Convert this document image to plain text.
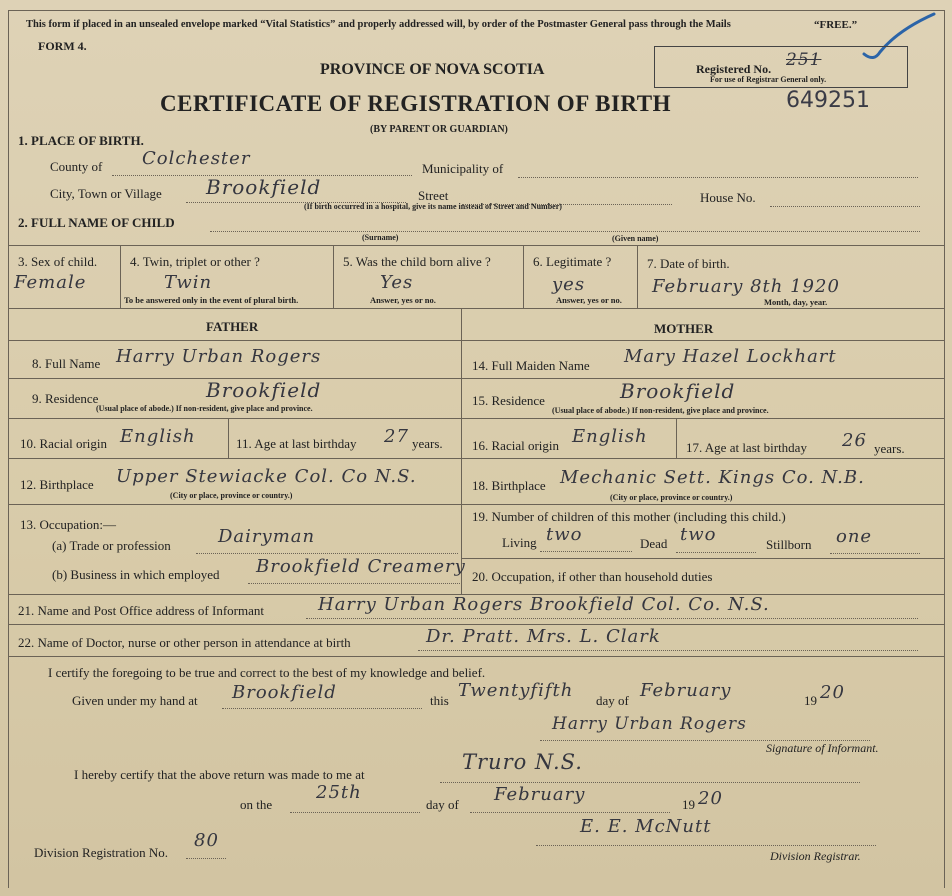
This form if placed in an unsealed envelope marked “Vital Statistics” and properly addressed will, by order of the Postmaster General pass through the Mails	“FREE.”
FORM 4.
PROVINCE OF NOVA SCOTIA	Registered No. 251
For use of Registrar General only.
CERTIFICATE OF REGISTRATION OF BIRTH	649251
(BY PARENT OR GUARDIAN)
1. PLACE OF BIRTH.
County of Colchester	Municipality of
City, Town or Village Brookfield	Street
(If birth occurred in a hospital, give its name instead of Street and Number)
House No.
2. FULL NAME OF CHILD
(Surname)	(Given name)
3. Sex of child.
Female
4. Twin, triplet or other ?
Twin
To be answered only in the event of plural birth.
5. Was the child born alive ?
Yes
Answer, yes or no.
6. Legitimate ?
yes
Answer, yes or no.
7. Date of birth.
February 8th 1920
Month, day, year.
FATHER
8. Full Name Harry Urban Rogers
9. Residence	Brookfield
(Usual place of abode.) If non-resident, give place and province.
10. Racial origin English	11. Age at last birthday 27 years.
12. Birthplace Upper Stewiacke Col. Co N.S.
(City or place, province or country.)
13. Occupation:—
(a) Trade or profession	Dairyman
(b) Business in which employed Brookfield Creamery
MOTHER
14. Full Maiden Name Mary Hazel Lockhart
15. Residence	Brookfield
(Usual place of abode.) If non-resident, give place and province.
16. Racial origin English
17. Age at last birthday 26 years.
18. Birthplace Mechanic Sett. Kings Co. N.B.
(City or place, province or country.)
19. Number of children of this mother (including this child.)
Living two	Dead two	Stillborn one
20. Occupation, if other than household duties
21. Name and Post Office address of Informant	Harry Urban Rogers Brookfield Col. Co. N.S.
22. Name of Doctor, nurse or other person in attendance at birth	Dr. Pratt. Mrs. L. Clark
I certify the foregoing to be true and correct to the best of my knowledge and belief.
Given under my hand at Brookfield	this Twentyfifth day of February	19 20
Harry Urban Rogers
Signature of Informant.
I hereby certify that the above return was made to me at
Truro N.S.
on the
25th
day of February	19 20
E. E. McNutt
Division Registrar.
Division Registration No.
80
